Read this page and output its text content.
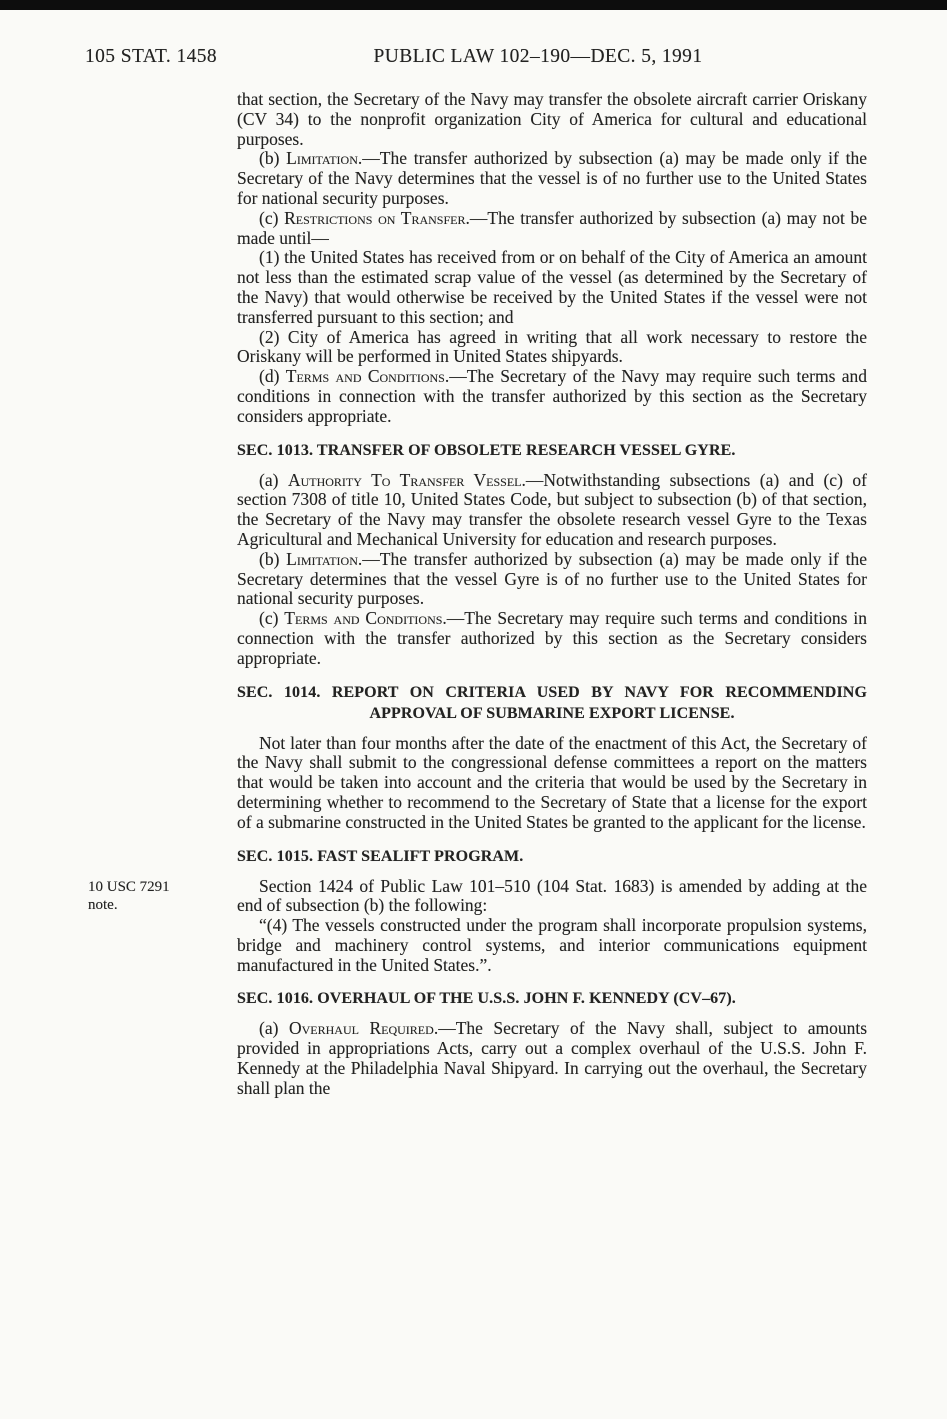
105 STAT. 1458	PUBLIC LAW 102–190—DEC. 5, 1991

that section, the Secretary of the Navy may transfer the obsolete aircraft carrier Oriskany (CV 34) to the nonprofit organization City of America for cultural and educational purposes.

(b) Limitation.—The transfer authorized by subsection (a) may be made only if the Secretary of the Navy determines that the vessel is of no further use to the United States for national security purposes.

(c) Restrictions on Transfer.—The transfer authorized by subsection (a) may not be made until—

(1) the United States has received from or on behalf of the City of America an amount not less than the estimated scrap value of the vessel (as determined by the Secretary of the Navy) that would otherwise be received by the United States if the vessel were not transferred pursuant to this section; and

(2) City of America has agreed in writing that all work necessary to restore the Oriskany will be performed in United States shipyards.

(d) Terms and Conditions.—The Secretary of the Navy may require such terms and conditions in connection with the transfer authorized by this section as the Secretary considers appropriate.

SEC. 1013. TRANSFER OF OBSOLETE RESEARCH VESSEL GYRE.

(a) Authority To Transfer Vessel.—Notwithstanding subsections (a) and (c) of section 7308 of title 10, United States Code, but subject to subsection (b) of that section, the Secretary of the Navy may transfer the obsolete research vessel Gyre to the Texas Agricultural and Mechanical University for education and research purposes.

(b) Limitation.—The transfer authorized by subsection (a) may be made only if the Secretary determines that the vessel Gyre is of no further use to the United States for national security purposes.

(c) Terms and Conditions.—The Secretary may require such terms and conditions in connection with the transfer authorized by this section as the Secretary considers appropriate.

SEC. 1014. REPORT ON CRITERIA USED BY NAVY FOR RECOMMENDING
APPROVAL OF SUBMARINE EXPORT LICENSE.

Not later than four months after the date of the enactment of this Act, the Secretary of the Navy shall submit to the congressional defense committees a report on the matters that would be taken into account and the criteria that would be used by the Secretary in determining whether to recommend to the Secretary of State that a license for the export of a submarine constructed in the United States be granted to the applicant for the license.

SEC. 1015. FAST SEALIFT PROGRAM.

10 USC 7291
note.
Section 1424 of Public Law 101–510 (104 Stat. 1683) is amended by adding at the end of subsection (b) the following:

“(4) The vessels constructed under the program shall incorporate propulsion systems, bridge and machinery control systems, and interior communications equipment manufactured in the United States.”.

SEC. 1016. OVERHAUL OF THE U.S.S. JOHN F. KENNEDY (CV–67).

(a) Overhaul Required.—The Secretary of the Navy shall, subject to amounts provided in appropriations Acts, carry out a complex overhaul of the U.S.S. John F. Kennedy at the Philadelphia Naval Shipyard. In carrying out the overhaul, the Secretary shall plan the
